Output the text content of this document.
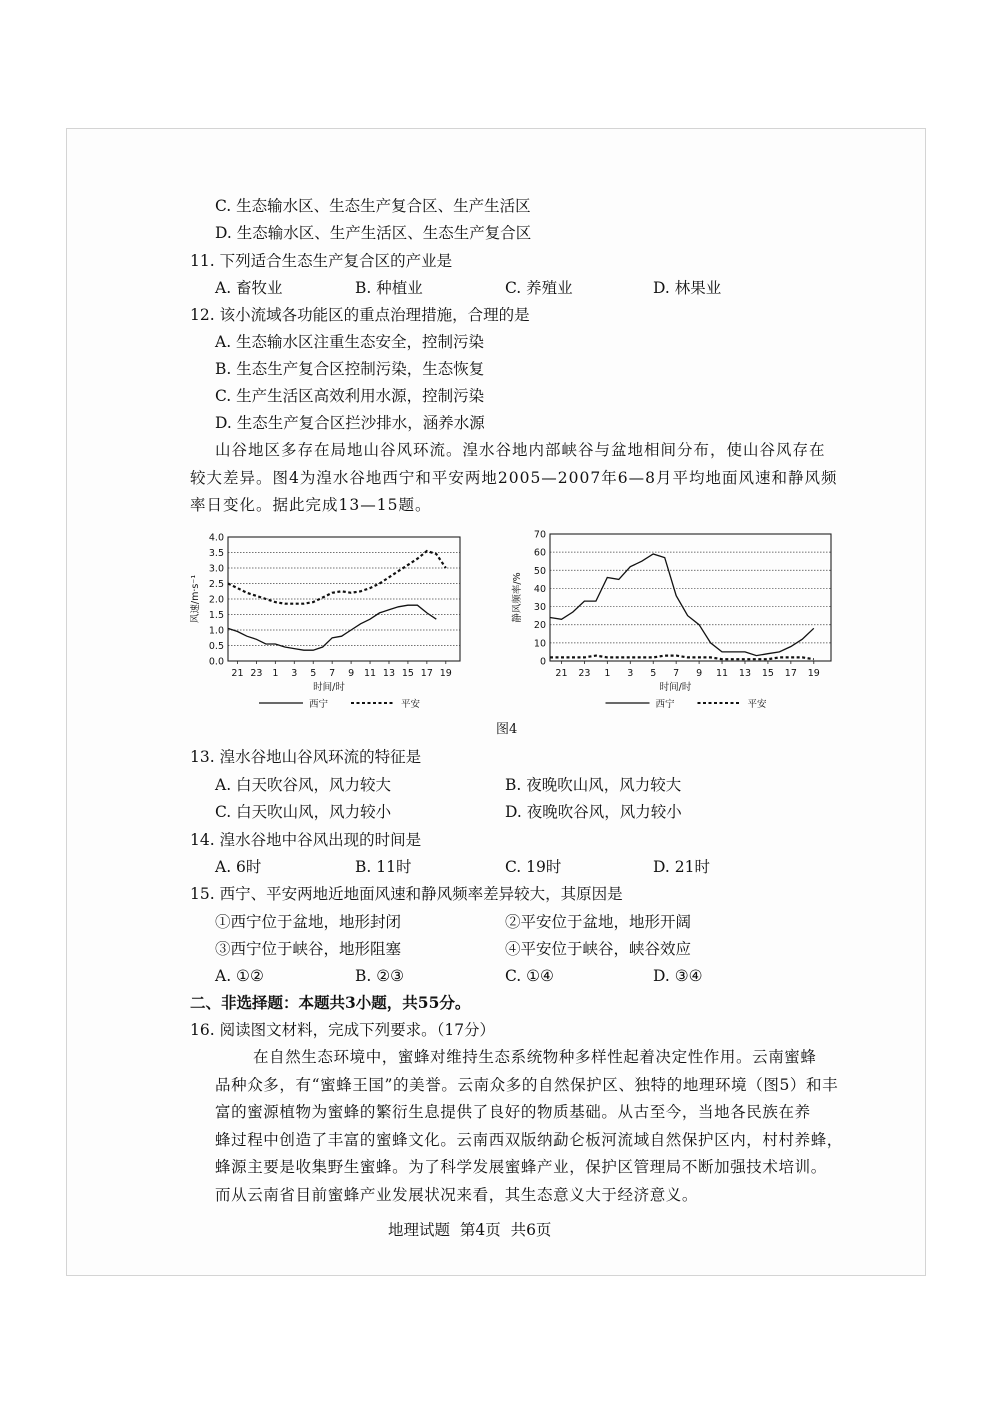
C. 生态输水区、生态生产复合区、生产生活区
D. 生态输水区、生产生活区、生态生产复合区
11. 下列适合生态生产复合区的产业是
A. 畜牧业	B. 种植业	C. 养殖业	D. 林果业
12. 该小流域各功能区的重点治理措施，合理的是
A. 生态输水区注重生态安全，控制污染
B. 生态生产复合区控制污染，生态恢复
C. 生产生活区高效利用水源，控制污染
D. 生态生产复合区拦沙排水，涵养水源
山谷地区多存在局地山谷风环流。湟水谷地内部峡谷与盆地相间分布，使山谷风存在
较大差异。图4为湟水谷地西宁和平安两地2005—2007年6—8月平均地面风速和静风频
率日变化。据此完成13—15题。
0.0
0.5
1.0
1.5
2.0
2.5
3.0
3.5
4.0
21 23 1 3 5 7 9 11 13 15 17 19
时间/时
风速/m·s⁻¹
西宁	平安
0
10
20
30
40
50
60
70
21 23 1 3 5 7 9 11 13 15 17 19
时间/时
静风频率/%
西宁	平安
图4
13. 湟水谷地山谷风环流的特征是
A. 白天吹谷风，风力较大	B. 夜晚吹山风，风力较大
C. 白天吹山风，风力较小	D. 夜晚吹谷风，风力较小
14. 湟水谷地中谷风出现的时间是
A. 6时	B. 11时	C. 19时	D. 21时
15. 西宁、平安两地近地面风速和静风频率差异较大，其原因是
①西宁位于盆地，地形封闭	②平安位于盆地，地形开阔
③西宁位于峡谷，地形阻塞	④平安位于峡谷，峡谷效应
A. ①②	B. ②③	C. ①④	D. ③④
二、非选择题：本题共3小题，共55分。
16. 阅读图文材料，完成下列要求。（17分）
在自然生态环境中，蜜蜂对维持生态系统物种多样性起着决定性作用。云南蜜蜂
品种众多，有“蜜蜂王国”的美誉。云南众多的自然保护区、独特的地理环境（图5）和丰
富的蜜源植物为蜜蜂的繁衍生息提供了良好的物质基础。从古至今，当地各民族在养
蜂过程中创造了丰富的蜜蜂文化。云南西双版纳勐仑板河流域自然保护区内，村村养蜂，
蜂源主要是收集野生蜜蜂。为了科学发展蜜蜂产业，保护区管理局不断加强技术培训。
而从云南省目前蜜蜂产业发展状况来看，其生态意义大于经济意义。
地理试题  第4页  共6页
